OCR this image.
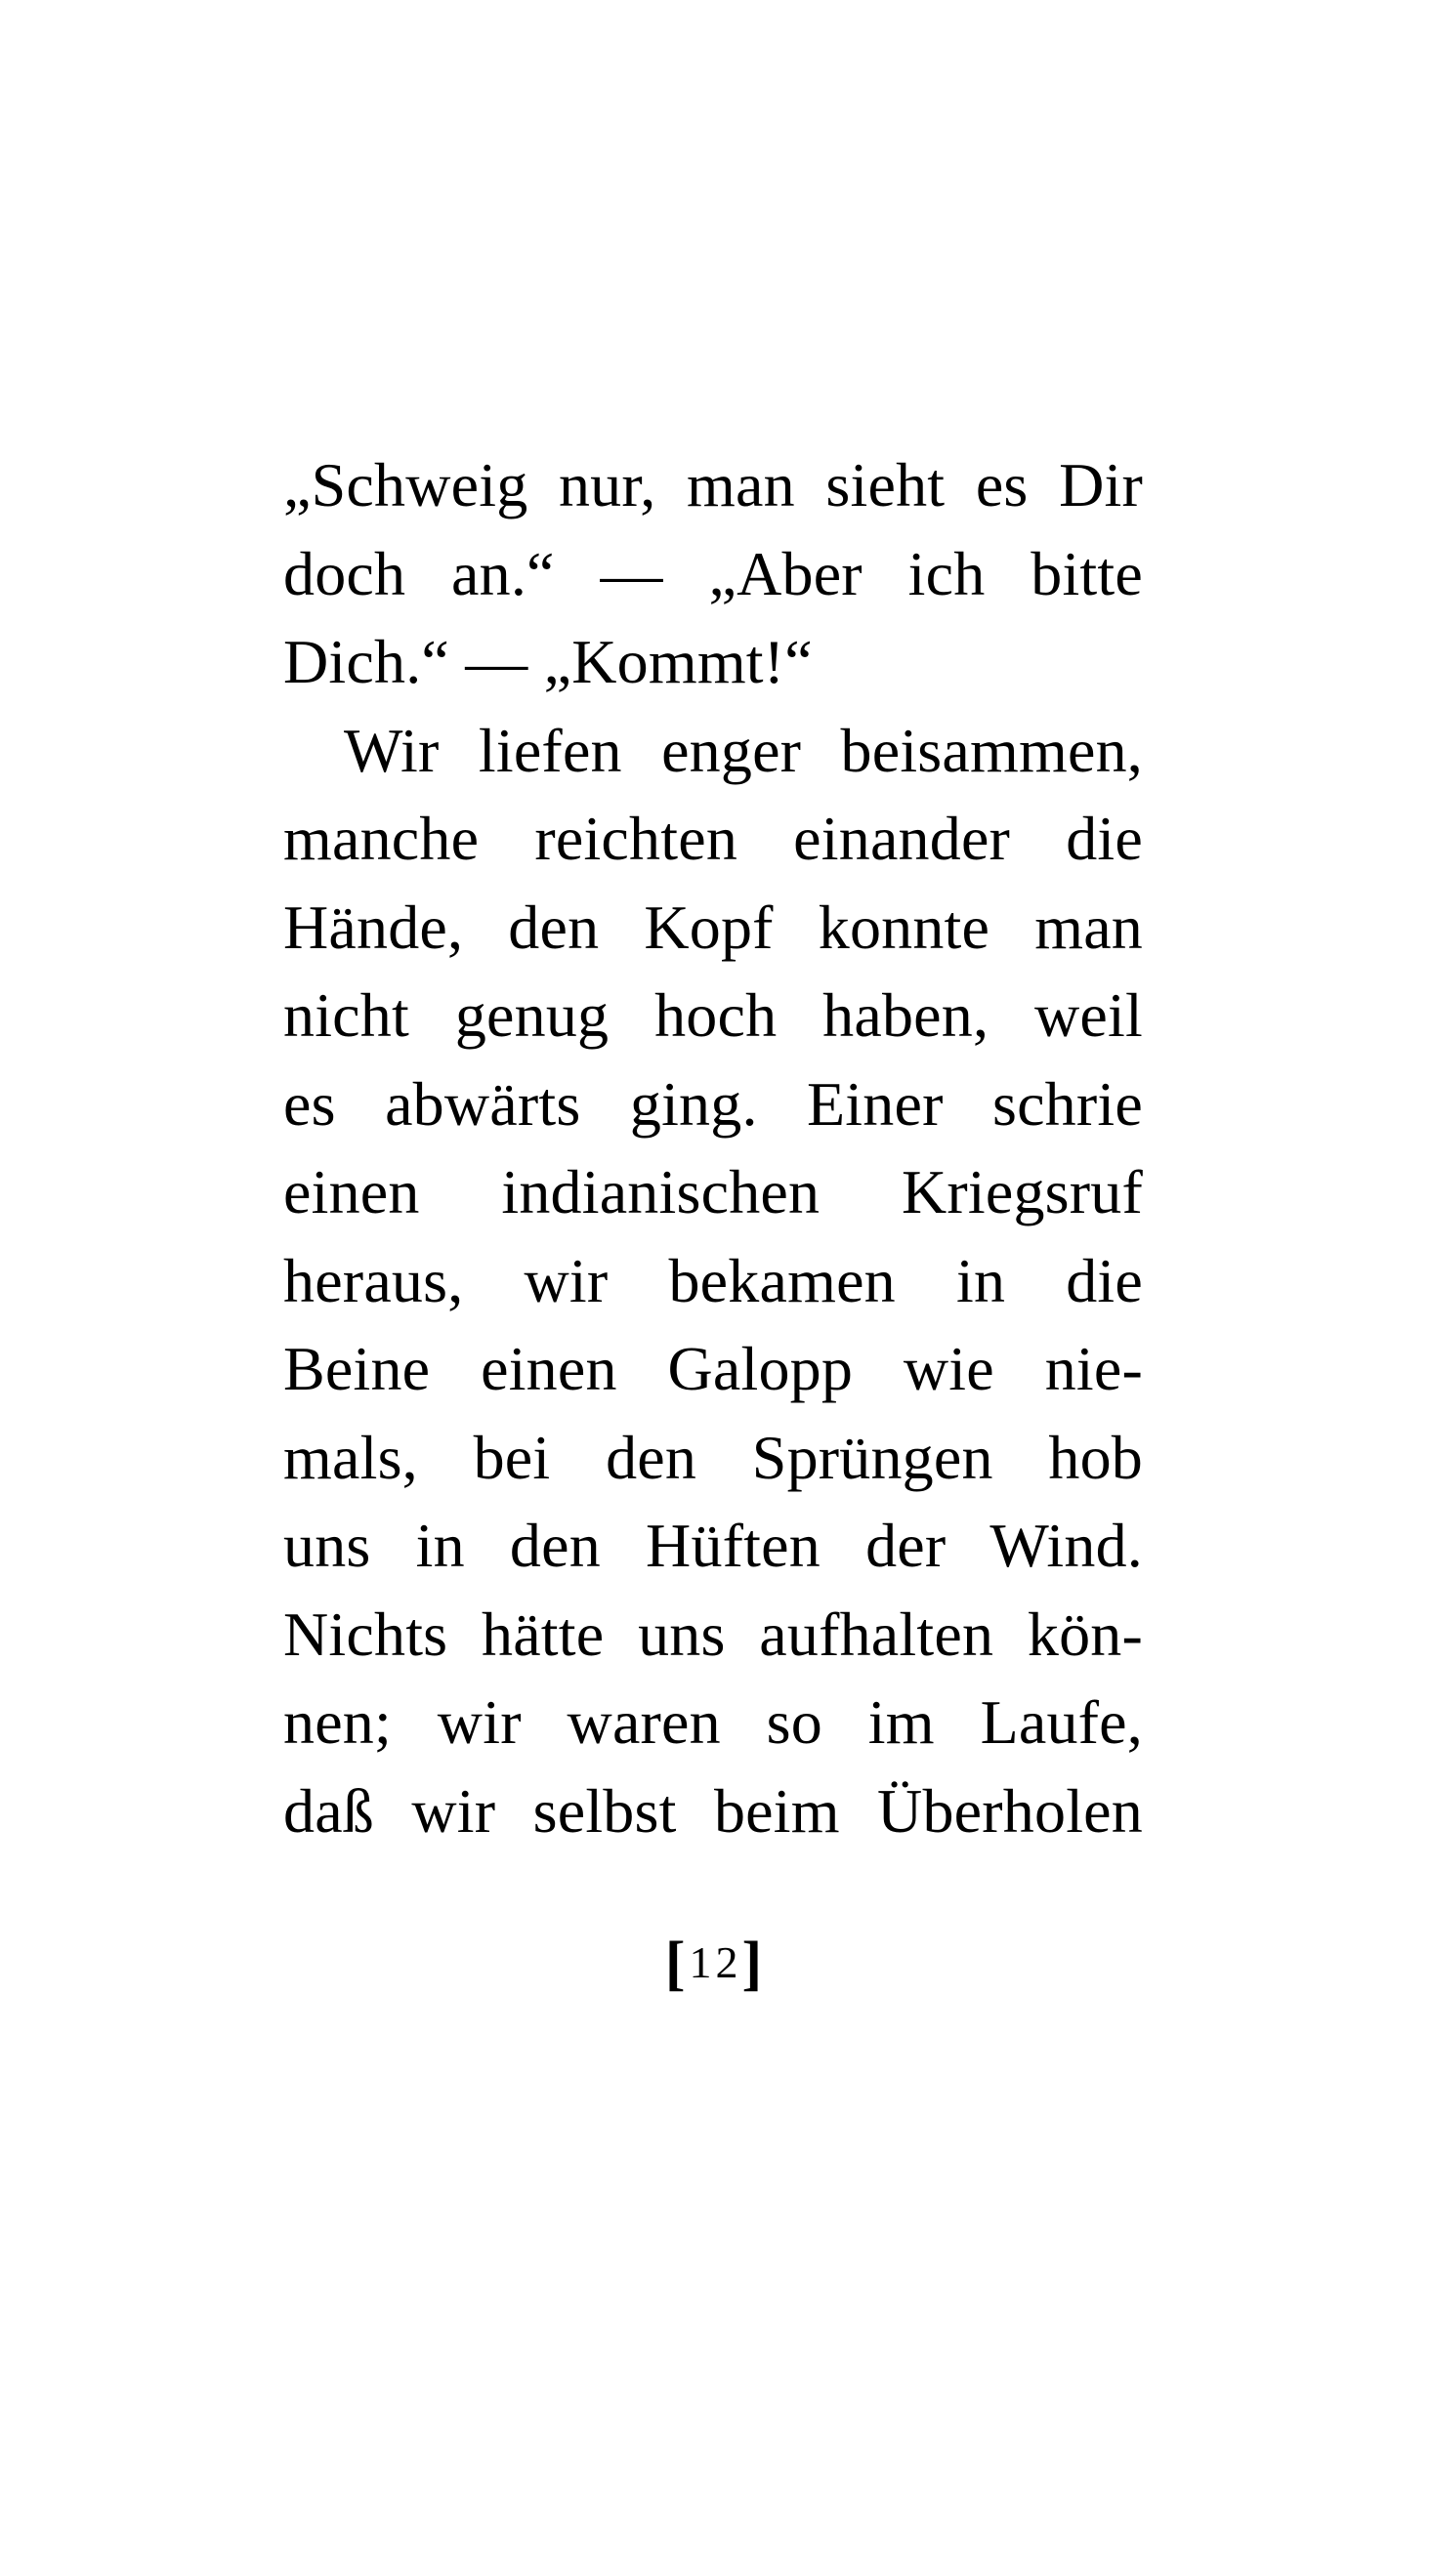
„Schweig nur, man sieht es Dir
doch an.“ — „Aber ich bitte
Dich.“ — „Kommt!“
Wir liefen enger beisammen,
manche reichten einander die
Hände, den Kopf konnte man
nicht genug hoch haben, weil
es abwärts ging. Einer schrie
einen indianischen Kriegsruf
heraus, wir bekamen in die
Beine einen Galopp wie nie-
mals, bei den Sprüngen hob
uns in den Hüften der Wind.
Nichts hätte uns aufhalten kön-
nen; wir waren so im Laufe,
daß wir selbst beim Überholen
[12]
